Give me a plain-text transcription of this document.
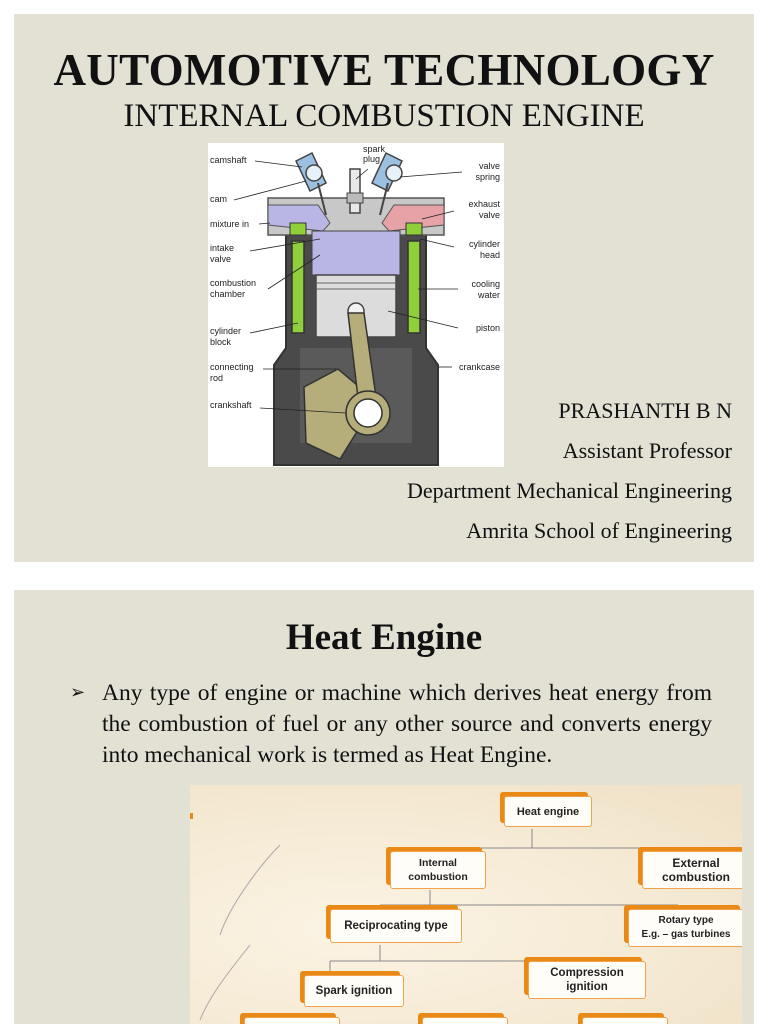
AUTOMOTIVE TECHNOLOGY
INTERNAL COMBUSTION ENGINE
camshaft
cam
mixture in
intake
valve
combustion
chamber
cylinder
block
connecting
rod
crankshaft
spark
plug
valve
spring
exhaust
valve
cylinder
head
cooling
water
piston
crankcase
PRASHANTH B N
Assistant Professor
Department Mechanical Engineering
Amrita School of Engineering
Heat Engine
➢ Any type of engine or machine which derives heat energy from the combustion of fuel or any other source and converts energy into mechanical work is termed as Heat Engine.

Heat engine
Internal
combustion
External
combustion
Reciprocating type	Rotary type
E.g. – gas turbines
Compression
ignition
Spark ignition
